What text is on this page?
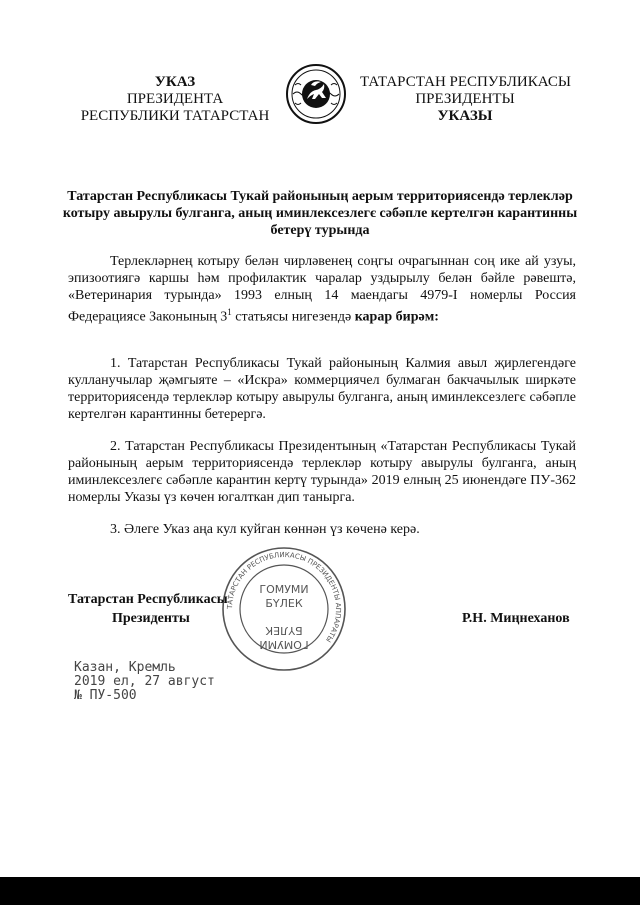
УКАЗ
ПРЕЗИДЕНТА
РЕСПУБЛИКИ ТАТАРСТАН
ТАТАРСТАН РЕСПУБЛИКАСЫ
ПРЕЗИДЕНТЫ
УКАЗЫ
Татарстан Республикасы Тукай районының аерым территориясендә терлекләр котыру авырулы булганга, аның иминлексезлегє сәбәпле кертелгән карантинны бетерү турында
Терлекләрнең котыру белән чирләвенең соңгы очрагыннан соң ике ай узуы, эпизоотиягә каршы һәм профилактик чаралар уздырылу белән бәйле рәвештә, «Ветеринария турында» 1993 елның 14 маендагы 4979-I номерлы Россия Федерациясе Законының $3^1$ статьясы нигезендә карар бирәм:
1. Татарстан Республикасы Тукай районының Калмия авыл җирлегендәге кулланучылар җәмгыяте – «Искра» коммерциячел булмаган бакчачылык ширкәте территориясендә терлекләр котыру авырулы булганга, аның иминлексезлегє сәбәпле кертелгән карантинны бетерергә.
2. Татарстан Республикасы Президентының «Татарстан Республикасы Тукай районының аерым территориясендә терлекләр котыру авырулы булганга, аның иминлексезлегє сәбәпле карантин кертү турында» 2019 елның 25 июнендәге ПУ-362 номерлы Указы үз көчен югалткан дип танырга.
3. Әлеге Указ аңа кул куйган көннән үз көченә керә.
ТАТАРСТАН РЕСПУБЛИКАСЫ ПРЕЗИДЕНТЫ АППАРАТЫ
ГОМУМИ
БҮЛЕК
БҮЛЕК
ГОМУМИ
Татарстан Республикасы
Президенты	Р.Н. Миңнеханов
Казан, Кремль
2019 ел, 27 август
№ ПУ-500
